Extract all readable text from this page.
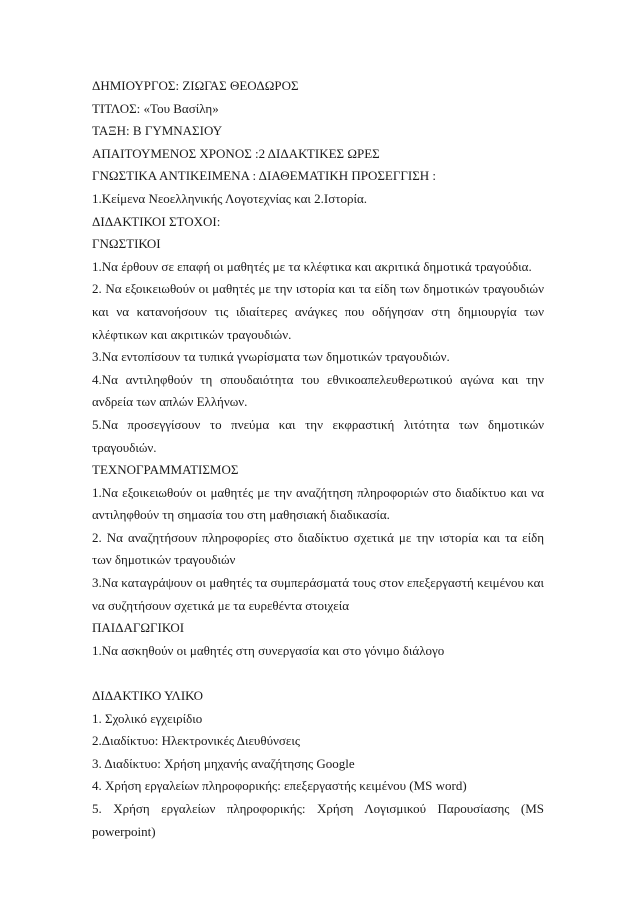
ΔΗΜΙΟΥΡΓΟΣ: ΖΙΩΓΑΣ ΘΕΟΔΩΡΟΣ

ΤΙΤΛΟΣ: «Του Βασίλη»

ΤΑΞΗ: Β ΓΥΜΝΑΣΙΟΥ

ΑΠΑΙΤΟΥΜΕΝΟΣ ΧΡΟΝΟΣ :2 ΔΙΔΑΚΤΙΚΕΣ ΩΡΕΣ

ΓΝΩΣΤΙΚΑ ΑΝΤΙΚΕΙΜΕΝΑ : ΔΙΑΘΕΜΑΤΙΚΗ ΠΡΟΣΕΓΓΙΣΗ :

1.Κείμενα Νεοελληνικής Λογοτεχνίας και 2.Ιστορία.

ΔΙΔΑΚΤΙΚΟΙ ΣΤΟΧΟΙ:

ΓΝΩΣΤΙΚΟΙ

1.Να έρθουν σε επαφή οι μαθητές με τα κλέφτικα και ακριτικά δημοτικά τραγούδια.

2. Να εξοικειωθούν οι μαθητές με την ιστορία και τα είδη των δημοτικών τραγουδιών και να κατανοήσουν τις ιδιαίτερες ανάγκες που οδήγησαν στη δημιουργία των κλέφτικων και ακριτικών τραγουδιών.

3.Να εντοπίσουν τα τυπικά γνωρίσματα των δημοτικών τραγουδιών.

4.Να αντιληφθούν τη σπουδαιότητα του εθνικοαπελευθερωτικού αγώνα και την ανδρεία των απλών Ελλήνων.

5.Να προσεγγίσουν το πνεύμα και την εκφραστική λιτότητα των δημοτικών τραγουδιών.

ΤΕΧΝΟΓΡΑΜΜΑΤΙΣΜΟΣ

1.Να εξοικειωθούν οι μαθητές με την αναζήτηση πληροφοριών στο διαδίκτυο και να αντιληφθούν τη σημασία του στη μαθησιακή διαδικασία.

2. Να αναζητήσουν πληροφορίες στο διαδίκτυο σχετικά με την ιστορία και τα είδη των δημοτικών τραγουδιών

3.Να καταγράψουν οι μαθητές τα συμπεράσματά τους στον επεξεργαστή κειμένου και να συζητήσουν σχετικά με τα ευρεθέντα στοιχεία

ΠΑΙΔΑΓΩΓΙΚΟΙ

1.Να ασκηθούν οι μαθητές στη συνεργασία και στο γόνιμο διάλογο

ΔΙΔΑΚΤΙΚΟ ΥΛΙΚΟ

1. Σχολικό εγχειρίδιο

2.Διαδίκτυο: Ηλεκτρονικές Διευθύνσεις

3. Διαδίκτυο: Χρήση μηχανής αναζήτησης Google

4. Χρήση εργαλείων πληροφορικής: επεξεργαστής κειμένου (MS word)

5. Χρήση εργαλείων πληροφορικής: Χρήση Λογισμικού Παρουσίασης (MS powerpoint)
